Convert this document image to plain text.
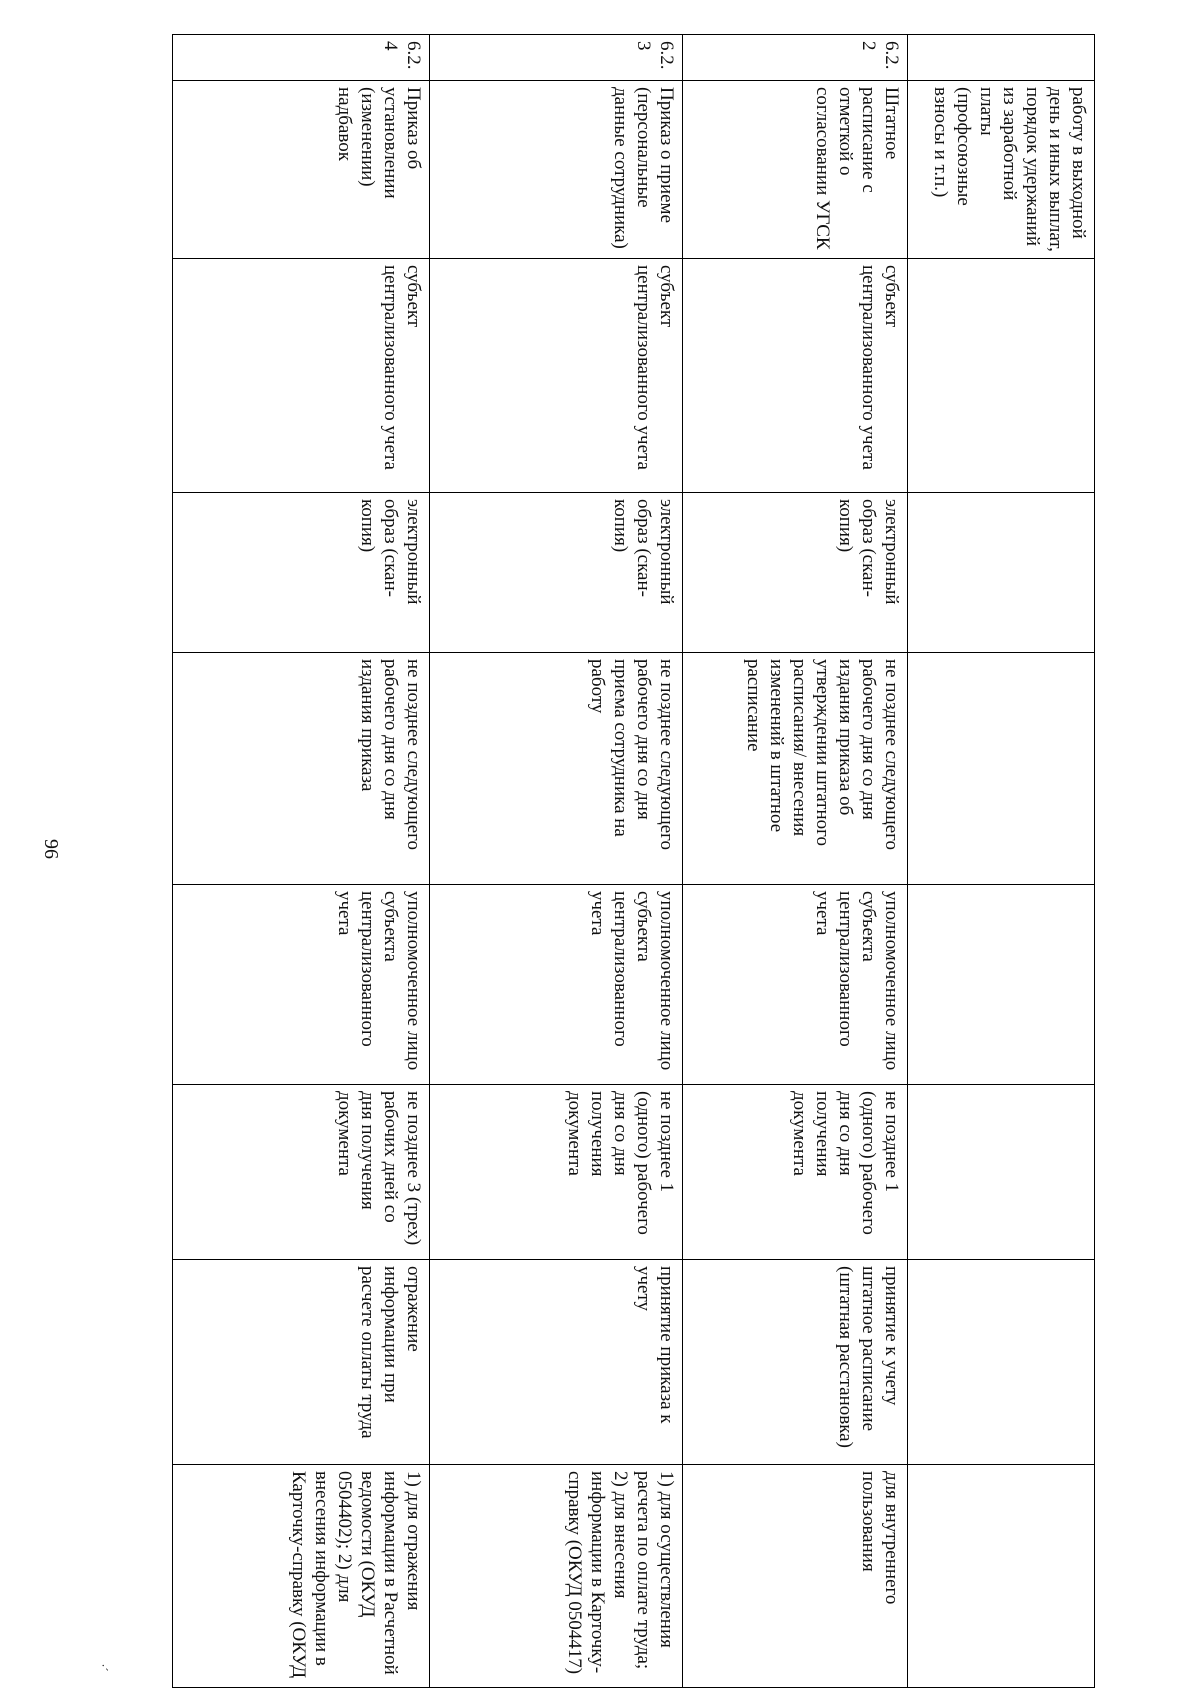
96
·´
	работу в выходной день и иных выплат, порядок удержаний из заработной платы (профсоюзные взносы и т.п.)							
6.2.2	Штатное расписание с отметкой о согласовании УГСК	субъект централизованного учета	электронный образ (скан-копия)	не позднее следующего рабочего дня со дня издания приказа об утверждении штатного расписания/ внесения изменений в штатное расписание	уполномоченное лицо субъекта централизованного учета	не позднее 1 (одного) рабочего дня со дня получения документа	принятие к учету штатное расписание (штатная расстановка)	для внутреннего пользования
6.2.3	Приказ о приеме (персональные данные сотрудника)	субъект централизованного учета	электронный образ (скан-копия)	не позднее следующего рабочего дня со дня приема сотрудника на работу	уполномоченное лицо субъекта централизованного учета	не позднее 1 (одного) рабочего дня со дня получения документа	принятие приказа к учету	1) для осуществления расчета по оплате труда; 2) для внесения информации в Карточку-справку (ОКУД 0504417)
6.2.4	Приказ об установлении (изменении) надбавок	субъект централизованного учета	электронный образ (скан-копия)	не позднее следующего рабочего дня со дня издания приказа	уполномоченное лицо субъекта централизованного учета	не позднее 3 (трех) рабочих дней со дня получения документа	отражение информации при расчете оплаты труда	1) для отражения информации в Расчетной ведомости (ОКУД 0504402); 2) для внесения информации в Карточку-справку (ОКУД
